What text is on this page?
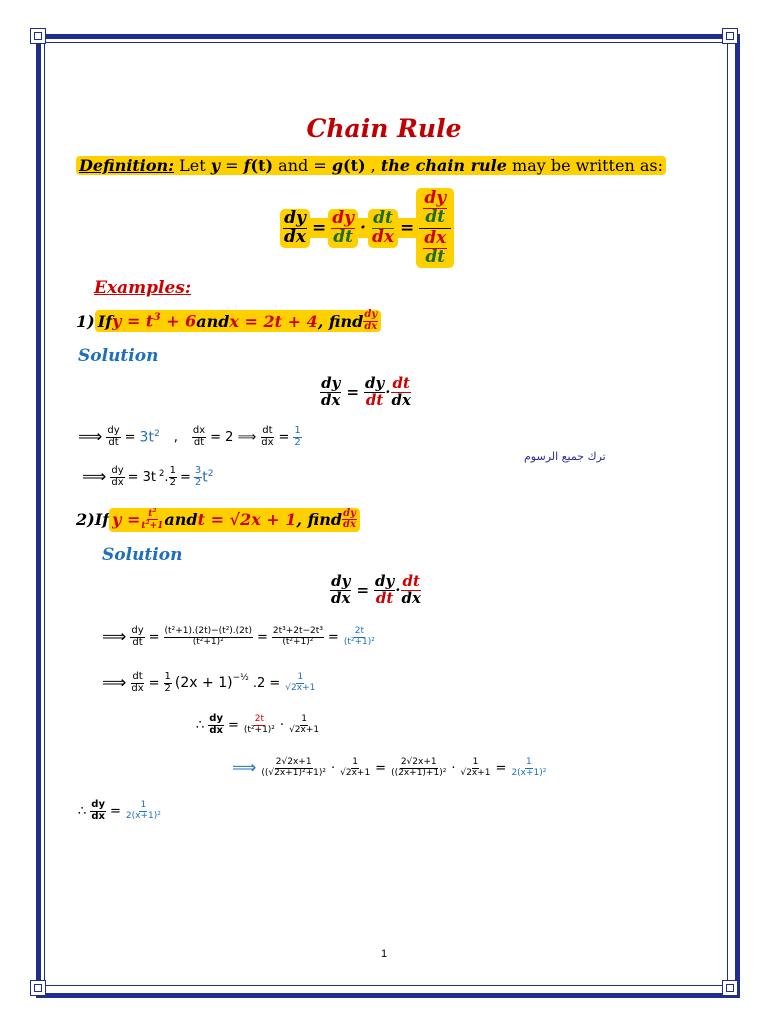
Chain Rule
Definition: Let y = f(t) and = g(t) , the chain rule may be written as:
$\frac{dy}{dx} = \frac{dy}{dt} \cdot \frac{dt}{dx} = \frac{\frac{dy}{dt}}{\frac{dx}{dt}}$
Examples:
1) If $y = t^3 + 6$ and x = 2t + 4 , find $\frac{dy}{dx}$
Solution
$\frac{dy}{dx} = \frac{dy}{dt} \cdot \frac{dt}{dx}$
⟹ $\frac{dy}{dt} = 3t^2$	,	$\frac{dx}{dt} = 2$ ⟹ $\frac{dt}{dx} = \frac{1}{2}$
ترك جميع الرسوم
⟹ $\frac{dy}{dx} = 3t$ $^2$ . $\frac{1}{2} = \frac{3}{2} t^2$
2) If $y = \frac{t^2}{t^2+1}$ and t = √2x + 1 , find $\frac{dy}{dx}$
Solution
$\frac{dy}{dx} = \frac{dy}{dt} \cdot \frac{dt}{dx}$
⟹ $\frac{dy}{dt} = \frac{\text{(t²+1).(2t)−(t²).(2t)}}{\text{(t²+1)²}} = \frac{\text{2t³+2t−2t³}}{\text{(t²+1)²}} = \frac{2t}{\text{(t²+1)²}}$
⟹ $\frac{dt}{dx} = \frac{1}{2} (2x + 1)^{-\frac{1}{2}}$ $.2 = \frac{1}{√2x+1}$
∴ $\frac{dy}{dx} = \frac{2t}{\text{(t²+1)²}} \cdot \frac{1}{√2x+1}$
⟹ $\frac{2√2x+1}{\text{((√2x+1)²+1)²}} \cdot \frac{1}{√2x+1} = \frac{2√2x+1}{\text{((2x+1)+1)²}} \cdot \frac{1}{√2x+1} = \frac{1}{\text{2(x+1)²}}$
∴ $\frac{dy}{dx} = \frac{1}{\text{2(x+1)²}}$
1
